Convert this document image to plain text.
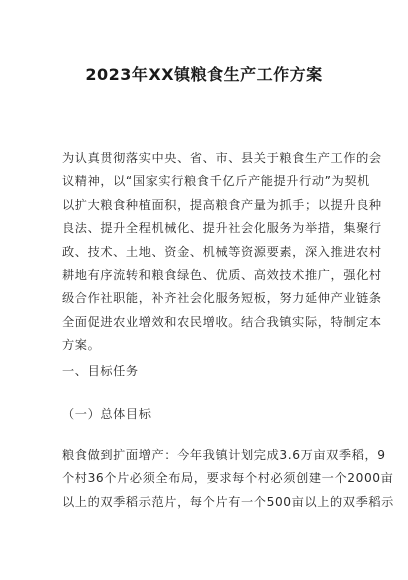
2023年XX镇粮食生产工作方案
为认真贯彻落实中央、省、市、县关于粮食生产工作的会
议精神，以“国家实行粮食千亿斤产能提升行动”为契机
以扩大粮食种植面积，提高粮食产量为抓手；以提升良种
良法、提升全程机械化、提升社会化服务为举措，集聚行
政、技术、土地、资金、机械等资源要素，深入推进农村
耕地有序流转和粮食绿色、优质、高效技术推广，强化村
级合作社职能，补齐社会化服务短板，努力延伸产业链条
全面促进农业增效和农民增收。结合我镇实际，特制定本
方案。
一、目标任务
（一）总体目标
粮食做到扩面增产：今年我镇计划完成3.6万亩双季稻，9
个村36个片必须全布局，要求每个村必须创建一个2000亩
以上的双季稻示范片，每个片有一个500亩以上的双季稻示
